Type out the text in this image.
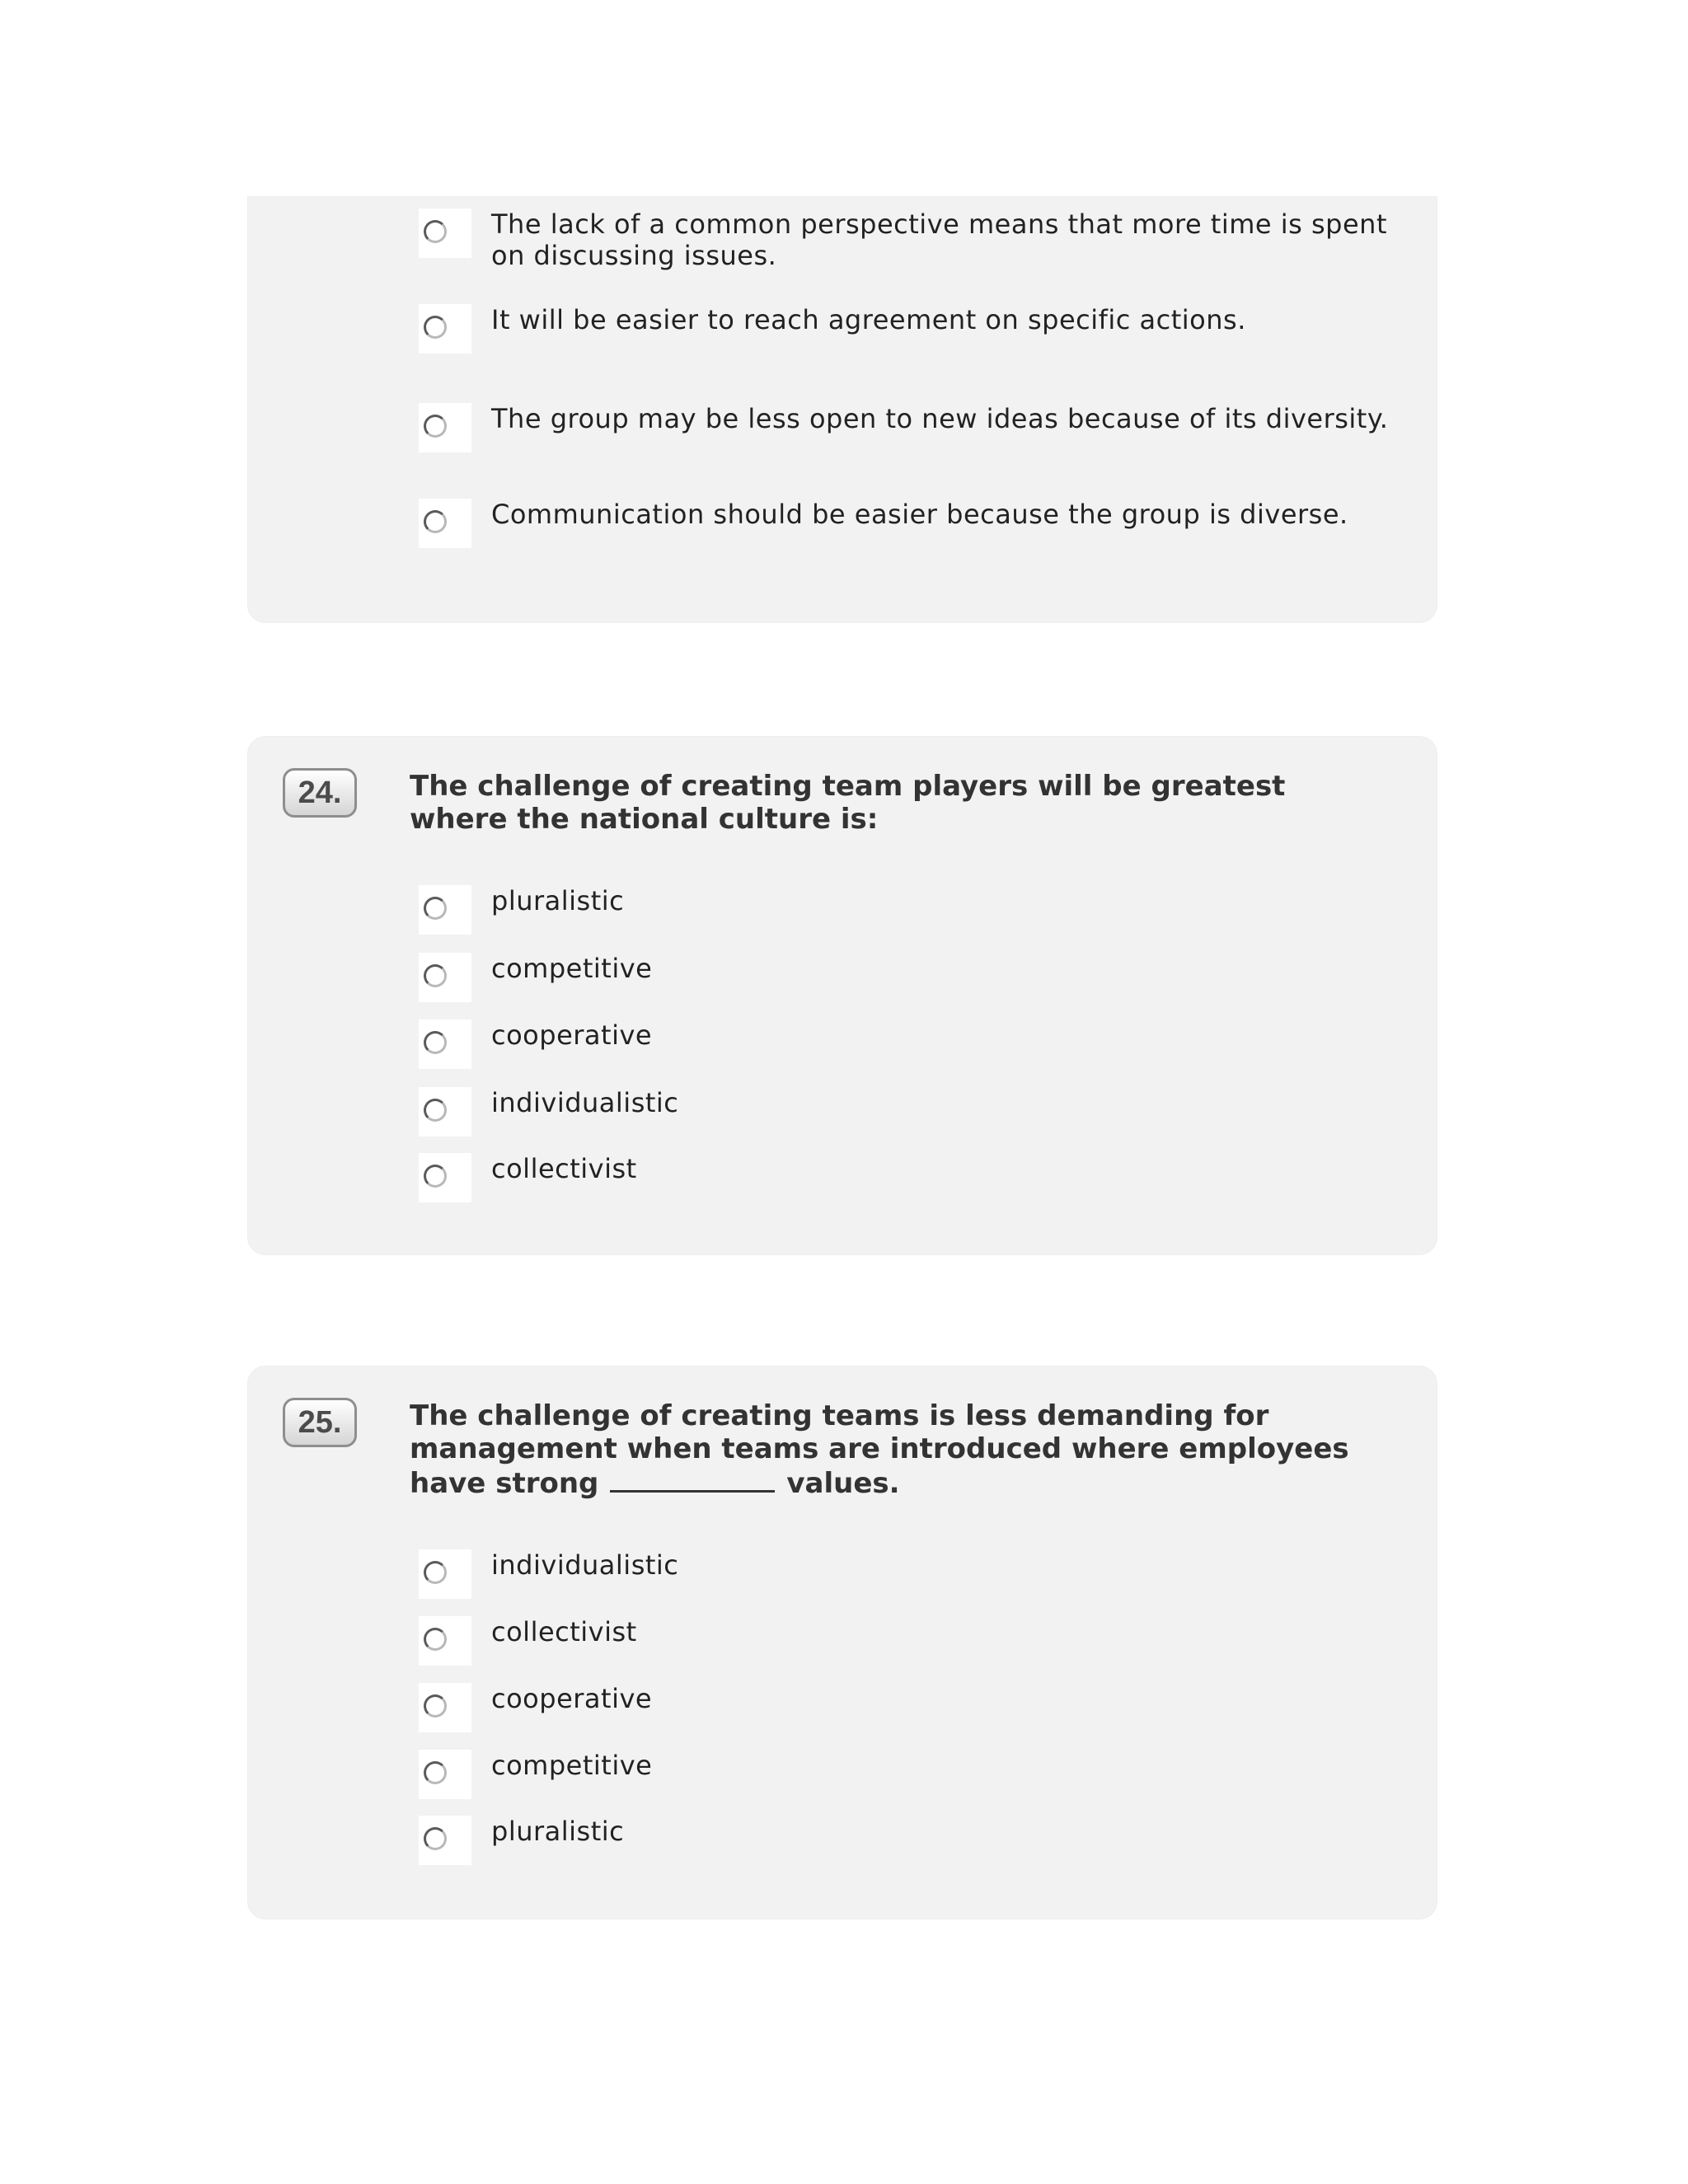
The lack of a common perspective means that more time is spent on discussing issues.
It will be easier to reach agreement on specific actions.
The group may be less open to new ideas because of its diversity.
Communication should be easier because the group is diverse.
24.	The challenge of creating team players will be greatest where the national culture is:
pluralistic
competitive
cooperative
individualistic
collectivist
25.	The challenge of creating teams is less demanding for management when teams are introduced where employees have strong	values.
individualistic
collectivist
cooperative
competitive
pluralistic
